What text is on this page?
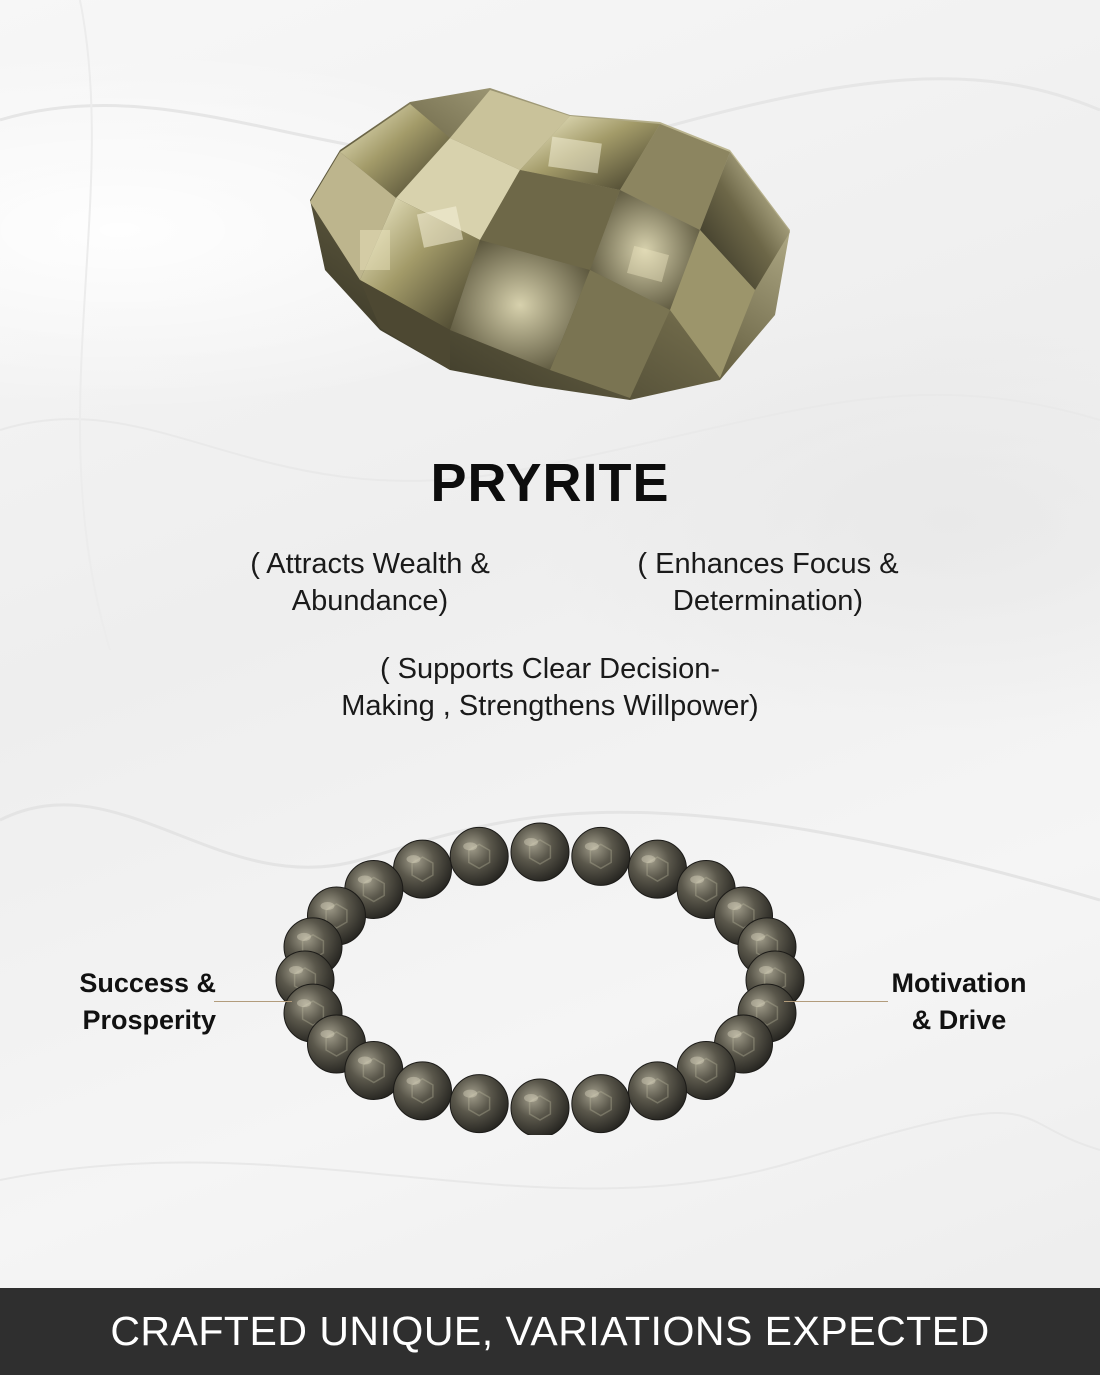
PRYRITE
( Attracts Wealth &
Abundance)
( Enhances Focus &
Determination)
( Supports Clear Decision-
Making , Strengthens Willpower)
Success &
Prosperity
Motivation
& Drive
CRAFTED UNIQUE, VARIATIONS EXPECTED
